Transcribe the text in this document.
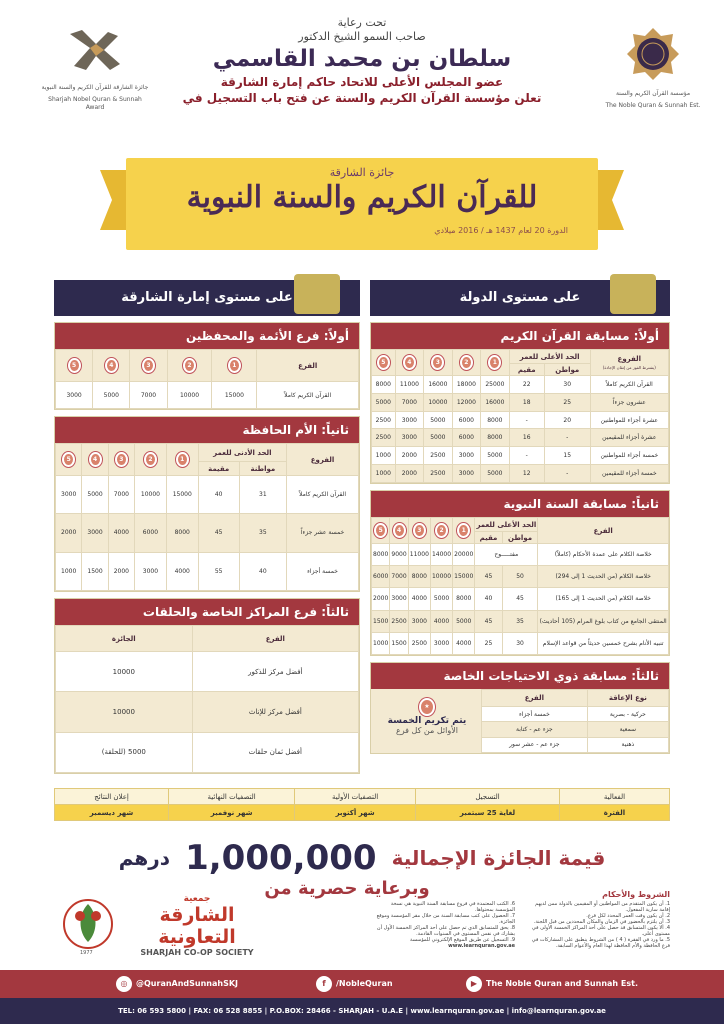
جائزة الشارقة للقرآن الكريم والسنة النبوية
Sharjah Nobel Quran & Sunnah Award
تحت رعاية
صاحب السمو الشيخ الدكتور
سلطان بن محمد القاسمي
عضو المجلس الأعلى للاتحاد حاكم إمارة الشارقة
تعلن مؤسسة القرآن الكريم والسنة عن فتح باب التسجيل في	مؤسسة القرآن الكريم والسنة
The Noble Quran & Sunnah Est.
جائزة الشارقة
للقرآن الكريم والسنة النبوية
الدورة 20 لعام 1437 هـ / 2016 ميلادي
على مستوى إمارة الشارقة
أولاً: فرع الأئمة والمحفظين
الفرع	1	2	3	4	5
القرآن الكريم كاملاً	15000	10000	7000	5000	3000
ثانياً: الأم الحافظة
الفروع	الحد الأدنى للعمر		1	2	3	4	5
	مواطنة	مقيمة					
القرآن الكريم كاملاً	31	40	15000	10000	7000	5000	3000
خمسة عشر جزءاً	35	45	8000	6000	4000	3000	2000
خمسة أجزاء	40	55	4000	3000	2000	1500	1000
ثالثاً: فرع المراكز الخاصة والحلقات
الفرع	الجائزة
أفضل مركز للذكور	10000
أفضل مركز للإناث	10000
أفضل ثمان حلقات	5000 (للحلقة)
على مستوى الدولة
أولاً: مسابقة القرآن الكريم
الفروع
(يشترط الفوز من إتقان الإجادة)	الحد الأعلى للعمر		1	2	3	4	5
	مواطن	مقيم					
القرآن الكريم كاملاً	30	22	25000	18000	16000	11000	8000
عشرون جزءاً	25	18	16000	12000	10000	7000	5000
عشرة أجزاء للمواطنين	20	-	8000	6000	5000	3000	2500
عشرة أجزاء للمقيمين	-	16	8000	6000	5000	3000	2500
خمسة أجزاء للمواطنين	15	-	5000	3000	2500	2000	1000
خمسة أجزاء للمقيمين	-	12	5000	3000	2500	2000	1000
ثانياً: مسابقة السنة النبوية
الفرع	الحد الأعلى للعمر		1	2	3	4	5
	مواطن	مقيم					
خلاصة الكلام على عمدة الأحكام (كاملاً)	مفتـــــوح		20000	14000	11000	9000	8000
خلاصة الكلام (من الحديث 1 إلى 294)	50	45	15000	10000	8000	7000	6000
خلاصة الكلام (من الحديث 1 إلى 165)	45	40	8000	5000	4000	3000	2000
المنتقى الجامع من كتاب بلوغ المرام (105 أحاديث)	35	45	5000	4000	3000	2500	1500
تنبيه الأنام بشرح خمسين حديثاً من قواعد الإسلام	30	25	4000	3000	2500	1500	1000
ثالثاً: مسابقة ذوي الاحتياجات الخاصة
نوع الإعاقة	الفرع
حركية - بصرية	خمسة أجزاء
سمعية	جزء عم - كتابة
ذهنية	جزء عم - عشر سور
★
يتم تكريم الخمسة
الأوائل من كل فرع
الفعالية	التسجيل	التصفيات الأولية	التصفيات النهائية	إعلان النتائج
الفترة	لغاية 25 سبتمبر	شهر أكتوبر	شهر نوفمبر	شهر ديسمبر
قيمة الجائزة الإجمالية 1,000,000 درهم وبرعاية حصرية من
1977
جمعية
الشارقة التعاونية
SHARJAH CO-OP SOCIETY
الشروط والأحكام
1. أن يكون المتقدم من المواطنين أو المقيمين بالدولة ممن لديهم إقامة سارية المفعول.
2. أن يكون وقت العمر المحدد لكل فرع.
3. أن يلتزم بالحضور في الزمان والمكان المحددين من قبل اللجنة.
4. ألا يكون المتسابق قد حصل على أحد المراكز الخمسة الأولى في مستوى أعلى.
5. ما ورد في الفقرة ( 4 ) من الشروط ينطبق على المشاركات في فرع الحافظة والأم الحافظة لهذا العام والأعوام السابقة.
6. الكتب المعتمدة في فروع مسابقة السنة النبوية هي نسخة المؤسسة بمحتواها.
7. الحصول على كتب مسابقة السنة من خلال مقر المؤسسة وموقع الجائزة.
8. يحق للمتسابق الذي تم حصل على أحد المراكز الخمسة الأول أن يشارك في نفس المستوى في السنوات القادمة.
9. التسجيل عن طريق الموقع الإلكتروني للمؤسسة
www.learnquran.gov.ae
◎ @QuranAndSunnahSKJ	f /NobleQuran	▶ The Noble Quran and Sunnah Est.
TEL: 06 593 5800 | FAX: 06 528 8855 | P.O.BOX: 28466 - SHARJAH - U.A.E | www.learnquran.gov.ae | info@learnquran.gov.ae
